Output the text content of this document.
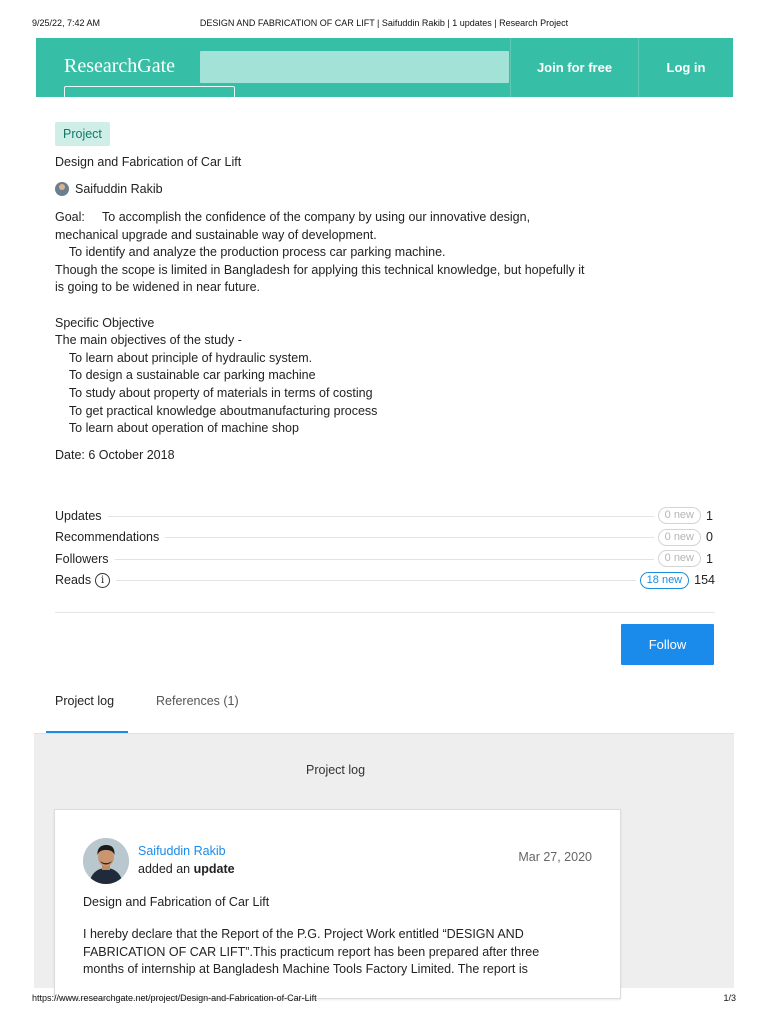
9/25/22, 7:42 AM	DESIGN AND FABRICATION OF CAR LIFT | Saifuddin Rakib | 1 updates | Research Project
ResearchGate	Join for free	Log in
Project
Design and Fabrication of Car Lift
Saifuddin Rakib
Goal:     To accomplish the confidence of the company by using our innovative design,
mechanical upgrade and sustainable way of development.
To identify and analyze the production process car parking machine.
Though the scope is limited in Bangladesh for applying this technical knowledge, but hopefully it
is going to be widened in near future.

Specific Objective
The main objectives of the study -
To learn about principle of hydraulic system.
To design a sustainable car parking machine
To study about property of materials in terms of costing
To get practical knowledge aboutmanufacturing process
To learn about operation of machine shop
Date: 6 October 2018
Updates	0 new 1
Recommendations	0 new 0
Followers	0 new 1
Reads i	18 new 154
Follow
Project log	References (1)
Project log
Saifuddin Rakib
added an update
Mar 27, 2020
Design and Fabrication of Car Lift
I hereby declare that the Report of the P.G. Project Work entitled “DESIGN AND FABRICATION OF CAR LIFT”.This practicum report has been prepared after three months of internship at Bangladesh Machine Tools Factory Limited. The report is
https://www.researchgate.net/project/Design-and-Fabrication-of-Car-Lift	1/3
